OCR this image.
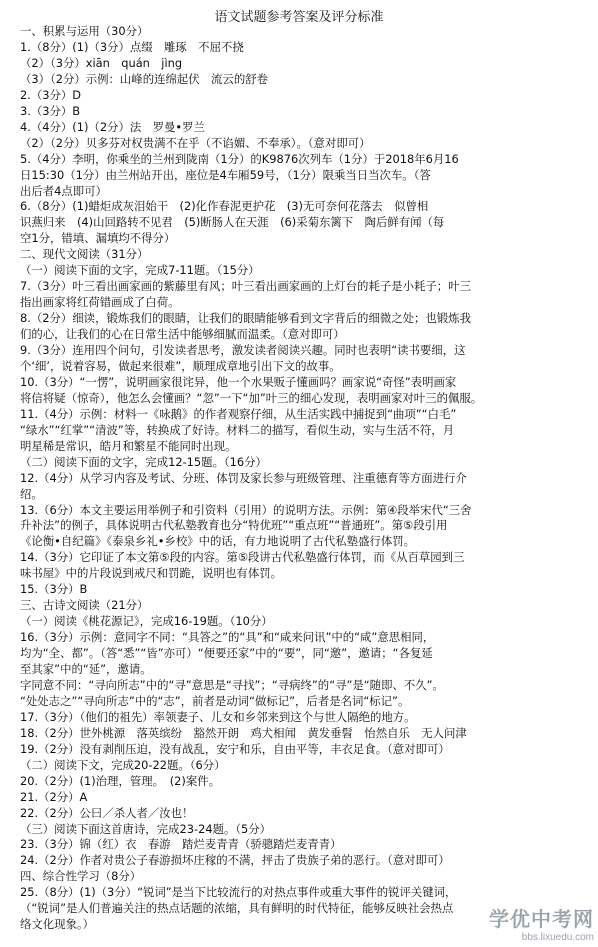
语文试题参考答案及评分标准
一、积累与运用（30分）
1.（8分）(1)（3分）点缀　雕琢　不屈不挠
（2）（3分）xiān　quán　jìng
（3）（2分）示例：山峰的连绵起伏　流云的舒卷
2.（3分）D
3.（3分）B
4.（4分）(1)（2分）法　罗曼•罗兰
（2）（2分）贝多芬对权贵满不在乎（不谄媚、不奉承）。（意对即可）
5.（4分）李明，你乘坐的兰州到陇南（1分）的K9876次列车（1分）于2018年6月16
日15:30（1分）由兰州站开出，座位是4车厢59号，（1分）限乘当日当次车。（答
出后者4点即可）
6.（8分）(1)蜡炬成灰泪始干　(2)化作春泥更护花　(3)无可奈何花落去　似曾相
识燕归来　(4)山回路转不见君　(5)断肠人在天涯　(6)采菊东篱下　陶后鲜有闻（每
空1分，错填、漏填均不得分）
二、现代文阅读（31分）
（一）阅读下面的文字，完成7-11题。（15分）
7.（3分）叶三看出画家画的紫藤里有风；叶三看出画家画的上灯台的耗子是小耗子；叶三
指出画家将红荷错画成了白荷。
8.（2分）细读，锻炼我们的眼睛，让我们的眼睛能够看到文字背后的细微之处；也锻炼我
们的心，让我们的心在日常生活中能够细腻而温柔。（意对即可）
9.（3分）连用四个问句，引发读者思考，激发读者阅读兴趣。同时也表明“读书要细，这
个‘细’，说着容易，做起来很难”，顺理成章地引出下文的故事。
10.（3分）“一愣”，说明画家很诧异，他一个水果贩子懂画吗？画家说“奇怪”表明画家
将信将疑（惊奇），他怎么会懂画？“忽”一下“加”叶三的细心发现，表明画家对叶三的佩服。
11.（4分）示例：材料一《咏鹅》的作者观察仔细，从生活实践中捕捉到“曲项”“白毛”
“绿水”“红掌”“清波”等，转换成了好诗。材料二的描写，看似生动，实与生活不符，月
明星稀是常识，皓月和繁星不能同时出现。
（二）阅读下面的文字，完成12-15题。（16分）
12.（4分）从学习内容及考试、分班、体罚及家长参与班级管理、注重德育等方面进行介
绍。
13.（6分）本文主要运用举例子和引资料（引用）的说明方法。示例：第④段举宋代“三舍
升补法”的例子，具体说明古代私塾教育也分“特优班”“重点班”“普通班”。第⑤段引用
《论衡•自纪篇》《泰泉乡礼•乡校》中的话，有力地说明了古代私塾盛行体罚。
14.（3分）它印证了本文第⑤段的内容。第⑤段讲古代私塾盛行体罚，而《从百草园到三
味书屋》中的片段说到戒尺和罚跪，说明也有体罚。
15.（3分）B
三、古诗文阅读（21分）
（一）阅读《桃花源记》，完成16-19题。（10分）
16.（3分）示例：意同字不同：“具答之”的“具”和“咸来问讯”中的“咸”意思相同，
均为“全、都”。（答“悉”“皆”亦可）“便要还家”中的“要”，同“邀”，邀请；“各复延
至其家”中的“延”，邀请。
字同意不同：“寻向所志”中的“寻”意思是“寻找”；“寻病终”的“寻”是“随即、不久”。
“处处志之”“寻向所志”中的“志”，前者是动词“做标记”，后者是名词“标记”。
17.（3分）（他们的祖先）率领妻子、儿女和乡邻来到这个与世人隔绝的地方。
18.（2分）世外桃源　落英缤纷　豁然开朗　鸡犬相闻　黄发垂髫　怡然自乐　无人问津
19.（2分）没有剥削压迫，没有战乱，安宁和乐，自由平等，丰衣足食。（意对即可）
（二）阅读下文，完成20-22题。（6分）
20.（2分）(1)治理，管理。　(2)案件。
21.（2分）A
22.（2分）公曰／杀人者／汝也！
（三）阅读下面这首唐诗，完成23-24题。（5分）
23.（3分）锦（红）衣　春游　踏烂麦青青（骄骢踏烂麦青青）
24.（2分）作者对贵公子春游损坏庄稼的不满，抨击了贵族子弟的恶行。（意对即可）
四、综合性学习（8分）
25.（8分）(1)（3分）“锐词”是当下比较流行的对热点事件或重大事件的锐评关键词，
（“锐词”是人们普遍关注的热点话题的浓缩，具有鲜明的时代特征，能够反映社会热点
络文化现象。）	学优中考网
bbs.lixuedu.com
